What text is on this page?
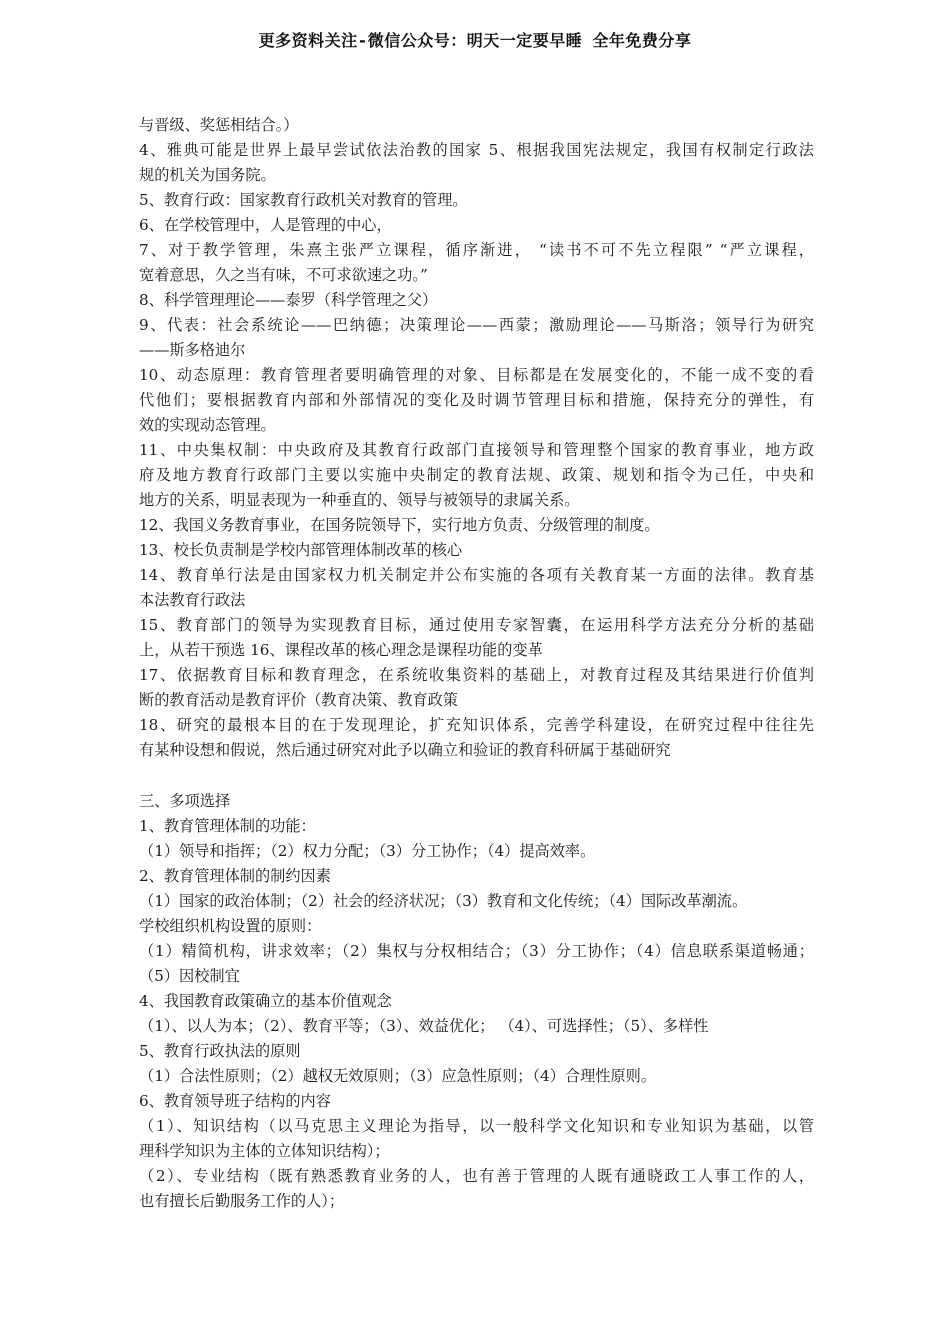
更多资料关注-微信公众号：明天一定要早睡 全年免费分享
与晋级、奖惩相结合。）
4、雅典可能是世界上最早尝试依法治教的国家 5、根据我国宪法规定，我国有权制定行政法
规的机关为国务院。
5、教育行政：国家教育行政机关对教育的管理。
6、在学校管理中，人是管理的中心，
7、对于教学管理，朱熹主张严立课程，循序渐进， “读书不可不先立程限” “严立课程，
宽着意思，久之当有味，不可求欲速之功。”
8、科学管理理论——泰罗（科学管理之父）
9、代表：社会系统论——巴纳德；决策理论——西蒙；激励理论——马斯洛；领导行为研究
——斯多格迪尔
10、动态原理：教育管理者要明确管理的对象、目标都是在发展变化的，不能一成不变的看
代他们；要根据教育内部和外部情况的变化及时调节管理目标和措施，保持充分的弹性，有
效的实现动态管理。
11、中央集权制：中央政府及其教育行政部门直接领导和管理整个国家的教育事业，地方政
府及地方教育行政部门主要以实施中央制定的教育法规、政策、规划和指令为己任，中央和
地方的关系，明显表现为一种垂直的、领导与被领导的隶属关系。
12、我国义务教育事业，在国务院领导下，实行地方负责、分级管理的制度。
13、校长负责制是学校内部管理体制改革的核心
14、教育单行法是由国家权力机关制定并公布实施的各项有关教育某一方面的法律。教育基
本法教育行政法
15、教育部门的领导为实现教育目标，通过使用专家智囊，在运用科学方法充分分析的基础
上，从若干预选 16、课程改革的核心理念是课程功能的变革
17、依据教育目标和教育理念，在系统收集资料的基础上，对教育过程及其结果进行价值判
断的教育活动是教育评价（教育决策、教育政策
18、研究的最根本目的在于发现理论，扩充知识体系，完善学科建设，在研究过程中往往先
有某种设想和假说，然后通过研究对此予以确立和验证的教育科研属于基础研究
三、多项选择
1、教育管理体制的功能：
（1）领导和指挥；（2）权力分配；（3）分工协作；（4）提高效率。
2、教育管理体制的制约因素
（1）国家的政治体制；（2）社会的经济状况；（3）教育和文化传统；（4）国际改革潮流。
学校组织机构设置的原则：
（1）精简机构，讲求效率；（2）集权与分权相结合；（3）分工协作；（4）信息联系渠道畅通；
（5）因校制宜
4、我国教育政策确立的基本价值观念
（1）、以人为本；（2）、教育平等；（3）、效益优化； （4）、可选择性；（5）、多样性
5、教育行政执法的原则
（1）合法性原则；（2）越权无效原则；（3）应急性原则；（4）合理性原则。
6、教育领导班子结构的内容
（1）、知识结构（以马克思主义理论为指导，以一般科学文化知识和专业知识为基础，以管
理科学知识为主体的立体知识结构）；
（2）、专业结构（既有熟悉教育业务的人，也有善于管理的人既有通晓政工人事工作的人，
也有擅长后勤服务工作的人）；
